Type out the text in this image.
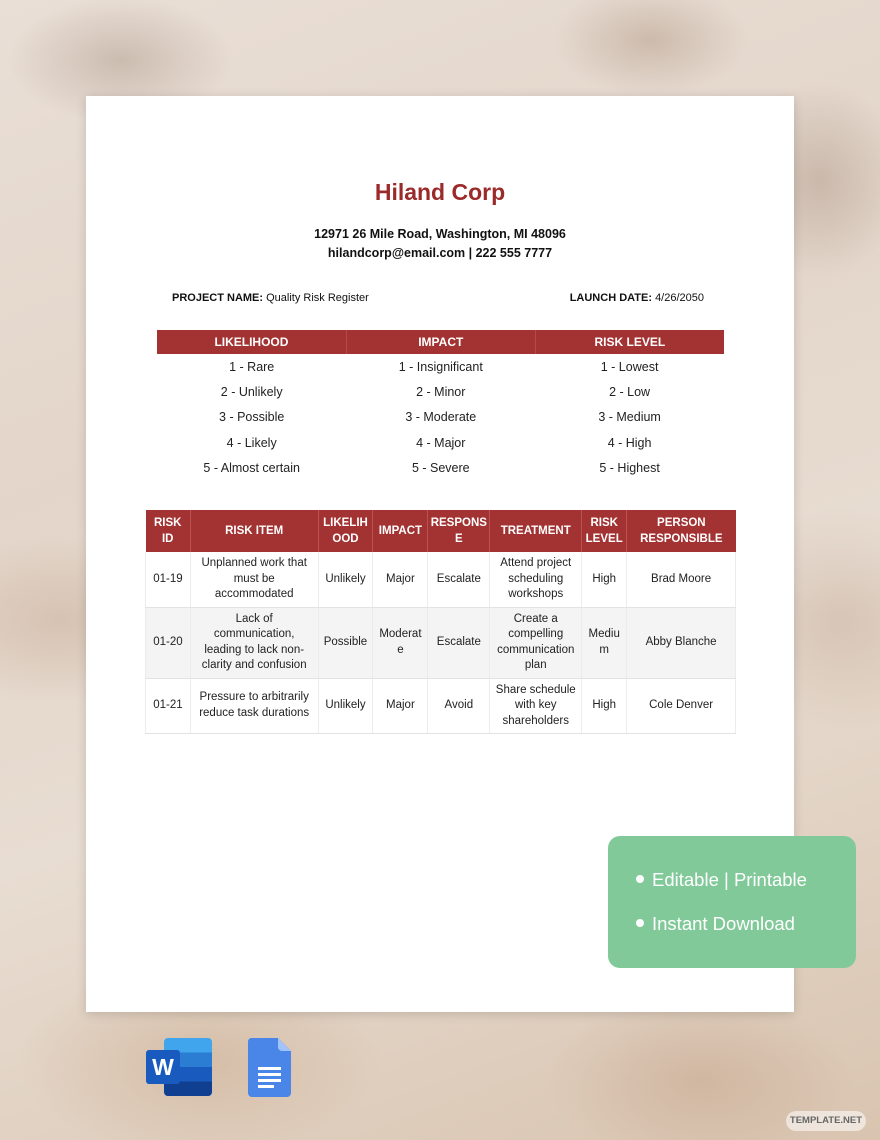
Hiland Corp
12971 26 Mile Road, Washington, MI 48096
hilandcorp@email.com | 222 555 7777
PROJECT NAME: Quality Risk Register	LAUNCH DATE: 4/26/2050
LIKELIHOOD	IMPACT	RISK LEVEL
1 - Rare	1 - Insignificant	1 - Lowest
2 - Unlikely	2 - Minor	2 - Low
3 - Possible	3 - Moderate	3 - Medium
4 - Likely	4 - Major	4 - High
5 - Almost certain	5 - Severe	5 - Highest
RISK ID	RISK ITEM	LIKELIHOOD	IMPACT	RESPONSE	TREATMENT	RISK LEVEL	PERSON RESPONSIBLE
01-19	Unplanned work that must be accommodated	Unlikely	Major	Escalate	Attend project scheduling workshops	High	Brad Moore
01-20	Lack of communication, leading to lack non-clarity and confusion	Possible	Moderate	Escalate	Create a compelling communication plan	Medium	Abby Blanche
01-21	Pressure to arbitrarily reduce task durations	Unlikely	Major	Avoid	Share schedule with key shareholders	High	Cole Denver
Editable | Printable
Instant Download
W
TEMPLATE.NET
